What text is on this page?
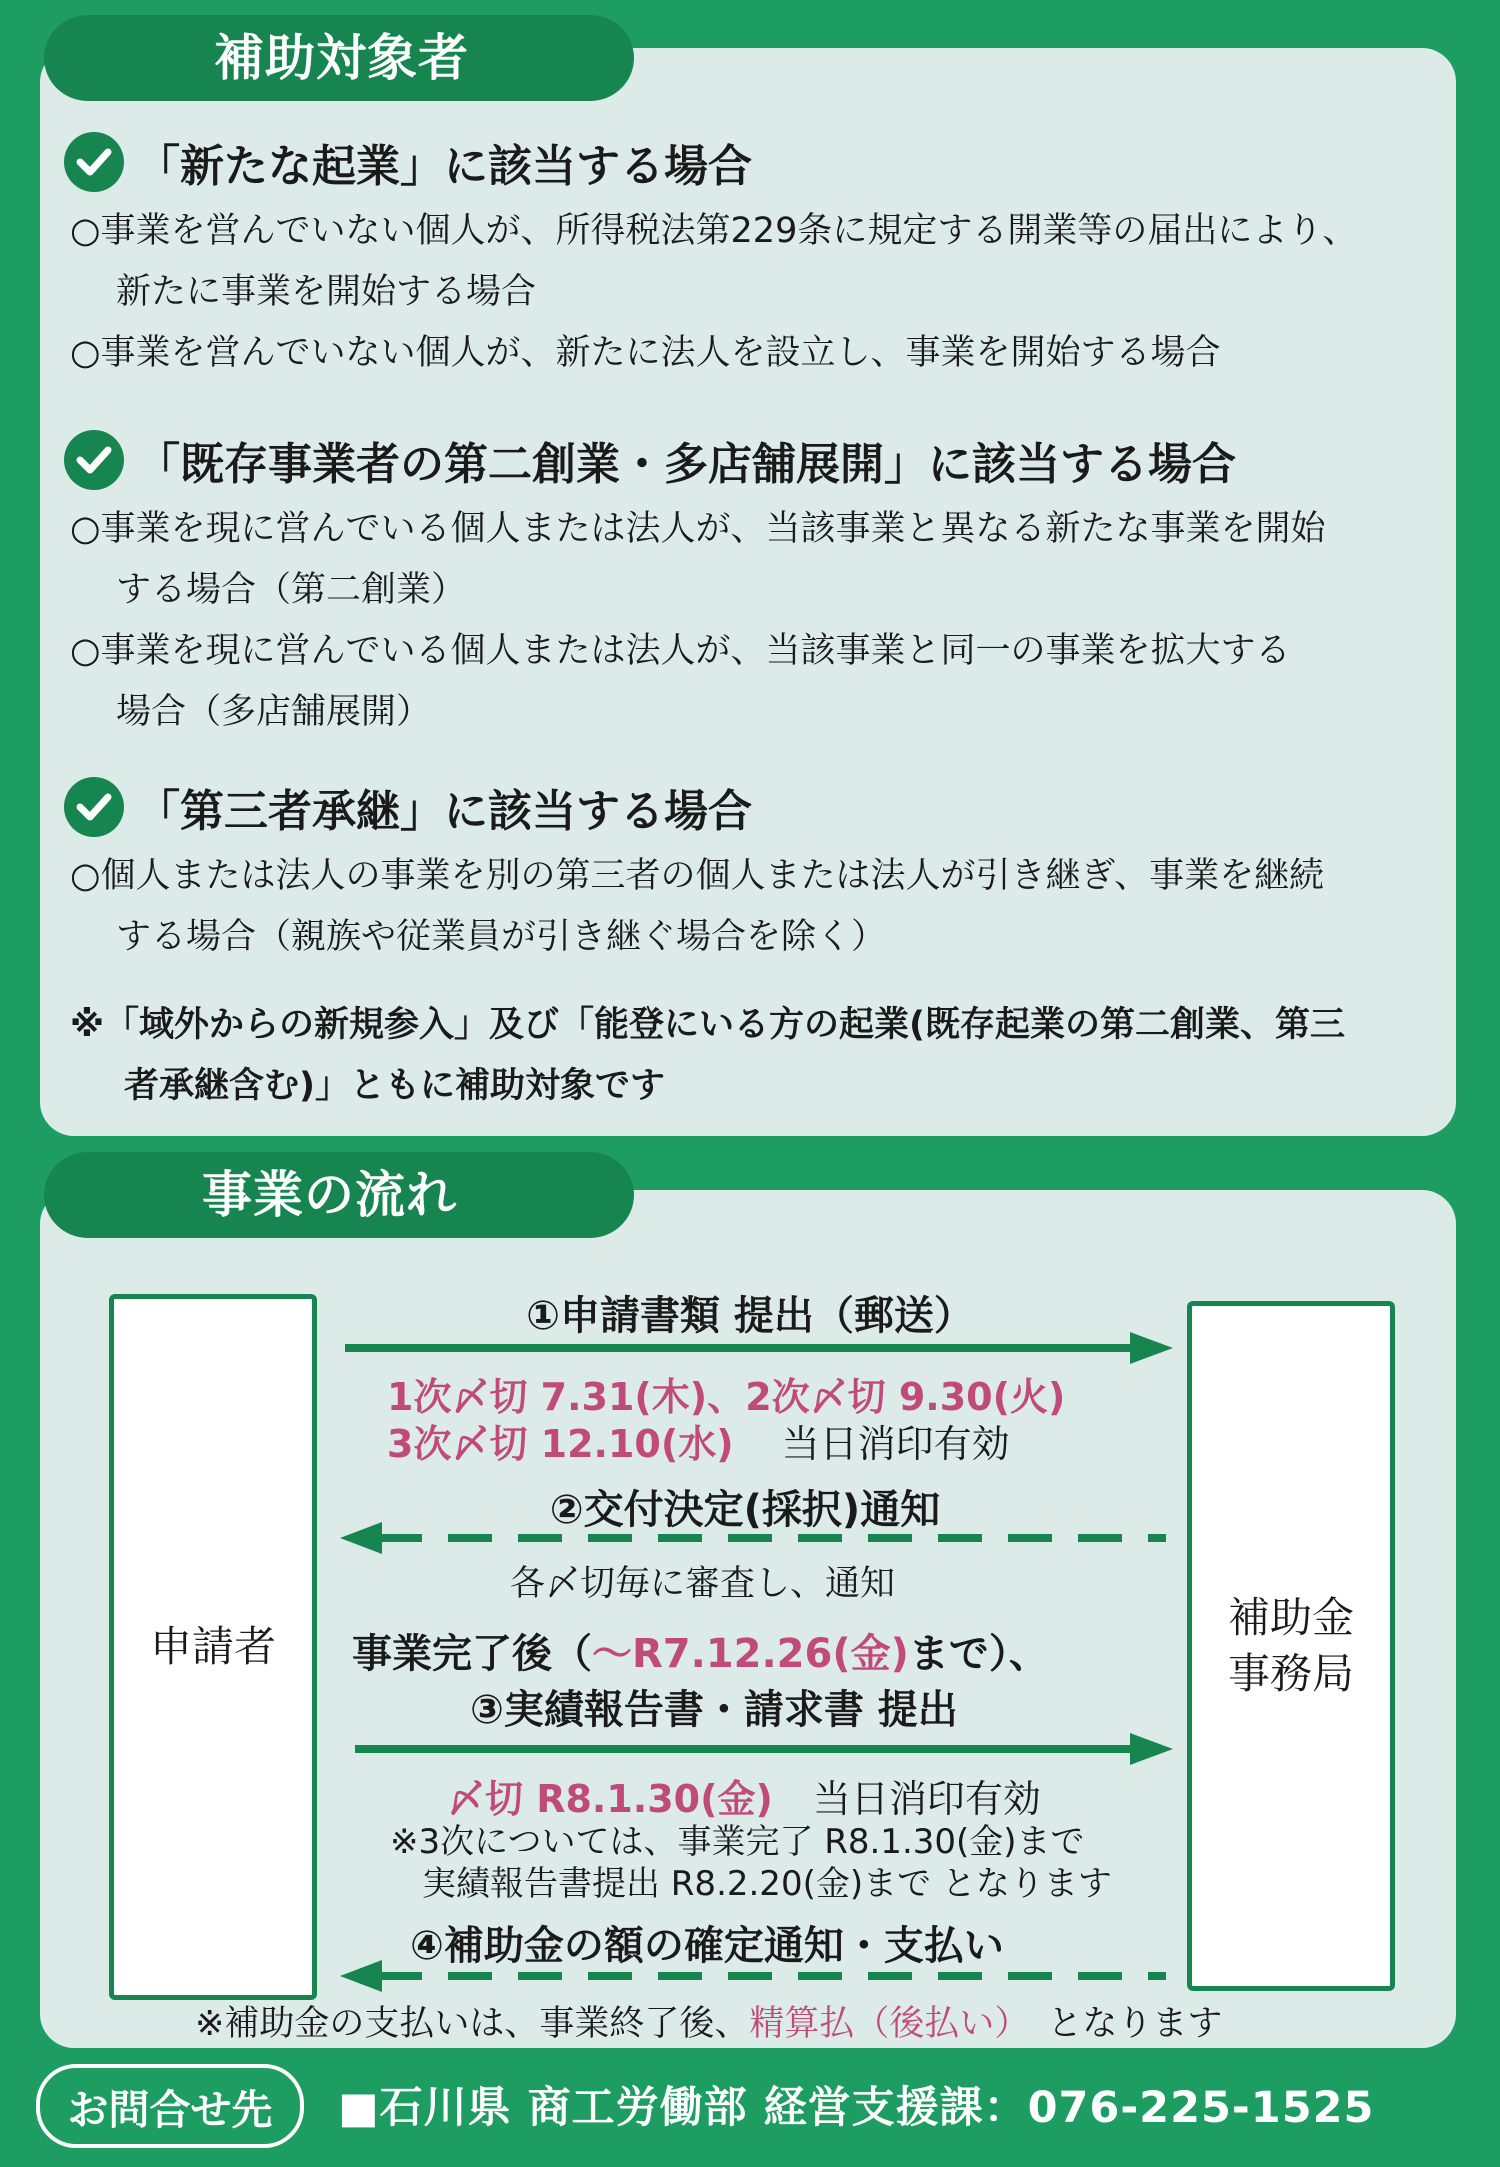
補助対象者
「新たな起業」に該当する場合
○事業を営んでいない個人が、所得税法第229条に規定する開業等の届出により、
新たに事業を開始する場合
○事業を営んでいない個人が、新たに法人を設立し、事業を開始する場合
「既存事業者の第二創業・多店舗展開」に該当する場合
○事業を現に営んでいる個人または法人が、当該事業と異なる新たな事業を開始
する場合（第二創業）
○事業を現に営んでいる個人または法人が、当該事業と同一の事業を拡大する
場合（多店舗展開）
「第三者承継」に該当する場合
○個人または法人の事業を別の第三者の個人または法人が引き継ぎ、事業を継続
する場合（親族や従業員が引き継ぐ場合を除く）
※「域外からの新規参入」及び「能登にいる方の起業(既存起業の第二創業、第三
者承継含む)」ともに補助対象です
事業の流れ
申請者
補助金
事務局
①申請書類 提出（郵送）
1次〆切 7.31(木)、2次〆切 9.30(火)
3次〆切 12.10(水) 当日消印有効
②交付決定(採択)通知
各〆切毎に審査し、通知
事業完了後（～R7.12.26(金)まで）、
③実績報告書・請求書 提出
〆切 R8.1.30(金) 当日消印有効
※3次については、事業完了 R8.1.30(金)まで
実績報告書提出 R8.2.20(金)まで となります
④補助金の額の確定通知・支払い
※補助金の支払いは、事業終了後、精算払（後払い） となります
お問合せ先	■石川県 商工労働部 経営支援課：076-225-1525
